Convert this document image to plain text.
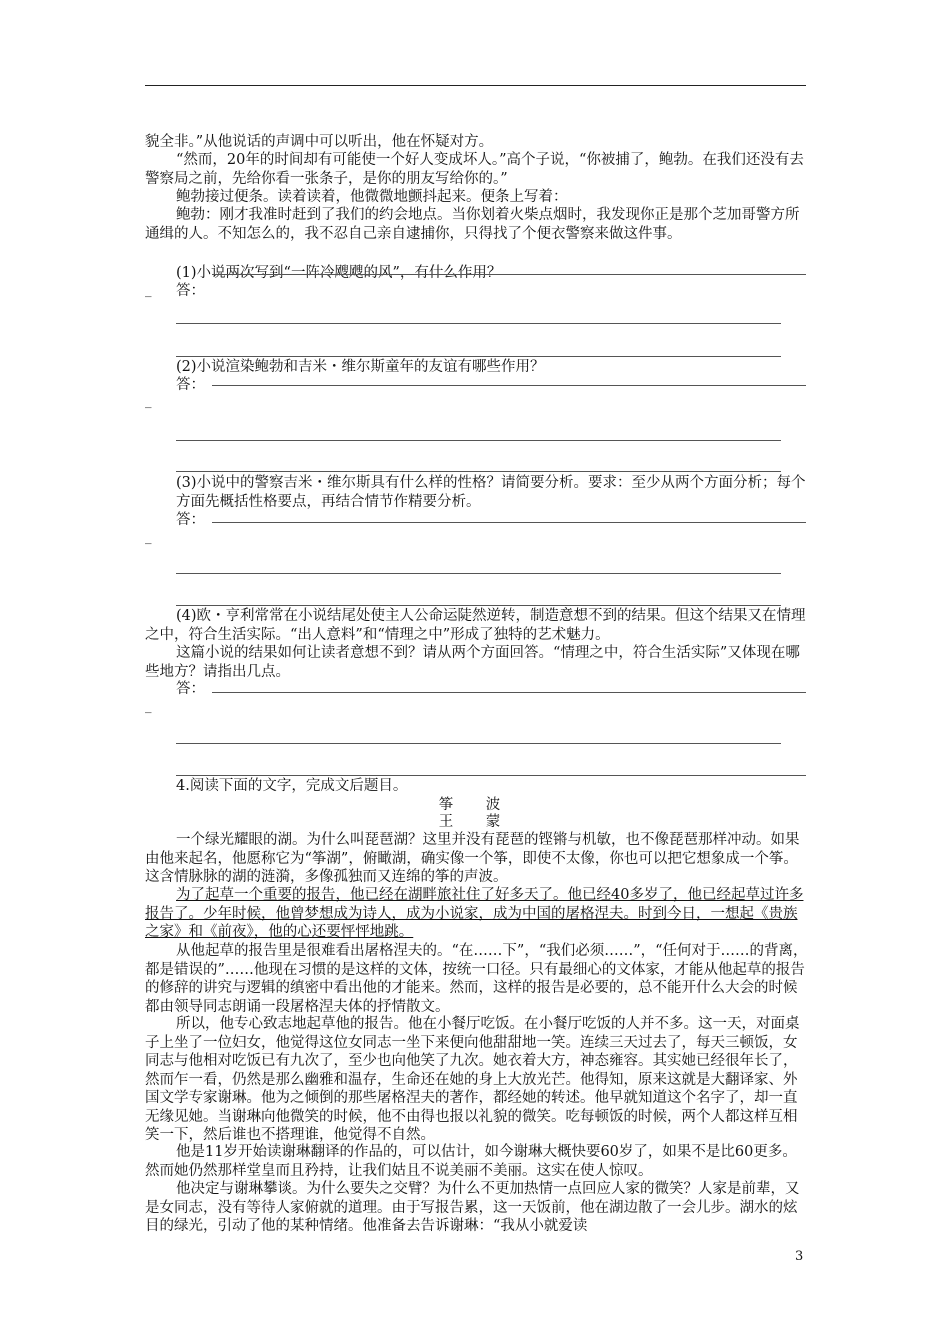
貌全非。”从他说话的声调中可以听出，他在怀疑对方。

“然而，20年的时间却有可能使一个好人变成坏人。”高个子说，“你被捕了，鲍勃。在我们还没有去警察局之前，先给你看一张条子，是你的朋友写给你的。”

鲍勃接过便条。读着读着，他微微地颤抖起来。便条上写着：

鲍勃：刚才我准时赶到了我们的约会地点。当你划着火柴点烟时，我发现你正是那个芝加哥警方所通缉的人。不知怎么的，我不忍自己亲自逮捕你，只得找了个便衣警察来做这件事。

(1)小说两次写到“一阵冷飕飕的风”，有什么作用？

答：
_

(2)小说渲染鲍勃和吉米・维尔斯童年的友谊有哪些作用？

答：
_

(3)小说中的警察吉米・维尔斯具有什么样的性格？请简要分析。要求：至少从两个方面分析；每个方面先概括性格要点，再结合情节作精要分析。

答：
_

(4)欧・亨利常常在小说结尾处使主人公命运陡然逆转，制造意想不到的结果。但这个结果又在情理之中，符合生活实际。“出人意料”和“情理之中”形成了独特的艺术魅力。

这篇小说的结果如何让读者意想不到？请从两个方面回答。“情理之中，符合生活实际”又体现在哪些地方？请指出几点。

答：
_

4.阅读下面的文字，完成文后题目。

筝 波
王 蒙

一个绿光耀眼的湖。为什么叫琵琶湖？这里并没有琵琶的铿锵与机敏，也不像琵琶那样冲动。如果由他来起名，他愿称它为“筝湖”，俯瞰湖，确实像一个筝，即使不太像，你也可以把它想象成一个筝。这含情脉脉的湖的涟漪，多像孤独而又连绵的筝的声波。

为了起草一个重要的报告，他已经在湖畔旅社住了好多天了。他已经40多岁了，他已经起草过许多报告了。少年时候，他曾梦想成为诗人，成为小说家，成为中国的屠格涅夫。时到今日，一想起《贵族之家》和《前夜》，他的心还要怦怦地跳。

从他起草的报告里是很难看出屠格涅夫的。“在……下”，“我们必须……”，“任何对于……的背离，都是错误的”……他现在习惯的是这样的文体，按统一口径。只有最细心的文体家，才能从他起草的报告的修辞的讲究与逻辑的缜密中看出他的才能来。然而，这样的报告是必要的，总不能开什么大会的时候都由领导同志朗诵一段屠格涅夫体的抒情散文。

所以，他专心致志地起草他的报告。他在小餐厅吃饭。在小餐厅吃饭的人并不多。这一天，对面桌子上坐了一位妇女，他觉得这位女同志一坐下来便向他甜甜地一笑。连续三天过去了，每天三顿饭，女同志与他相对吃饭已有九次了，至少也向他笑了九次。她衣着大方，神态雍容。其实她已经很年长了，然而乍一看，仍然是那么幽雅和温存，生命还在她的身上大放光芒。他得知，原来这就是大翻译家、外国文学专家谢琳。他为之倾倒的那些屠格涅夫的著作，都经她的转述。他早就知道这个名字了，却一直无缘见她。当谢琳向他微笑的时候，他不由得也报以礼貌的微笑。吃每顿饭的时候，两个人都这样互相笑一下，然后谁也不搭理谁，他觉得不自然。

他是11岁开始读谢琳翻译的作品的，可以估计，如今谢琳大概快要60岁了，如果不是比60更多。然而她仍然那样堂皇而且矜持，让我们姑且不说美丽不美丽。这实在使人惊叹。

他决定与谢琳攀谈。为什么要失之交臂？为什么不更加热情一点回应人家的微笑？人家是前辈，又是女同志，没有等待人家俯就的道理。由于写报告累，这一天饭前，他在湖边散了一会儿步。湖水的炫目的绿光，引动了他的某种情绪。他准备去告诉谢琳：“我从小就爱读

3
